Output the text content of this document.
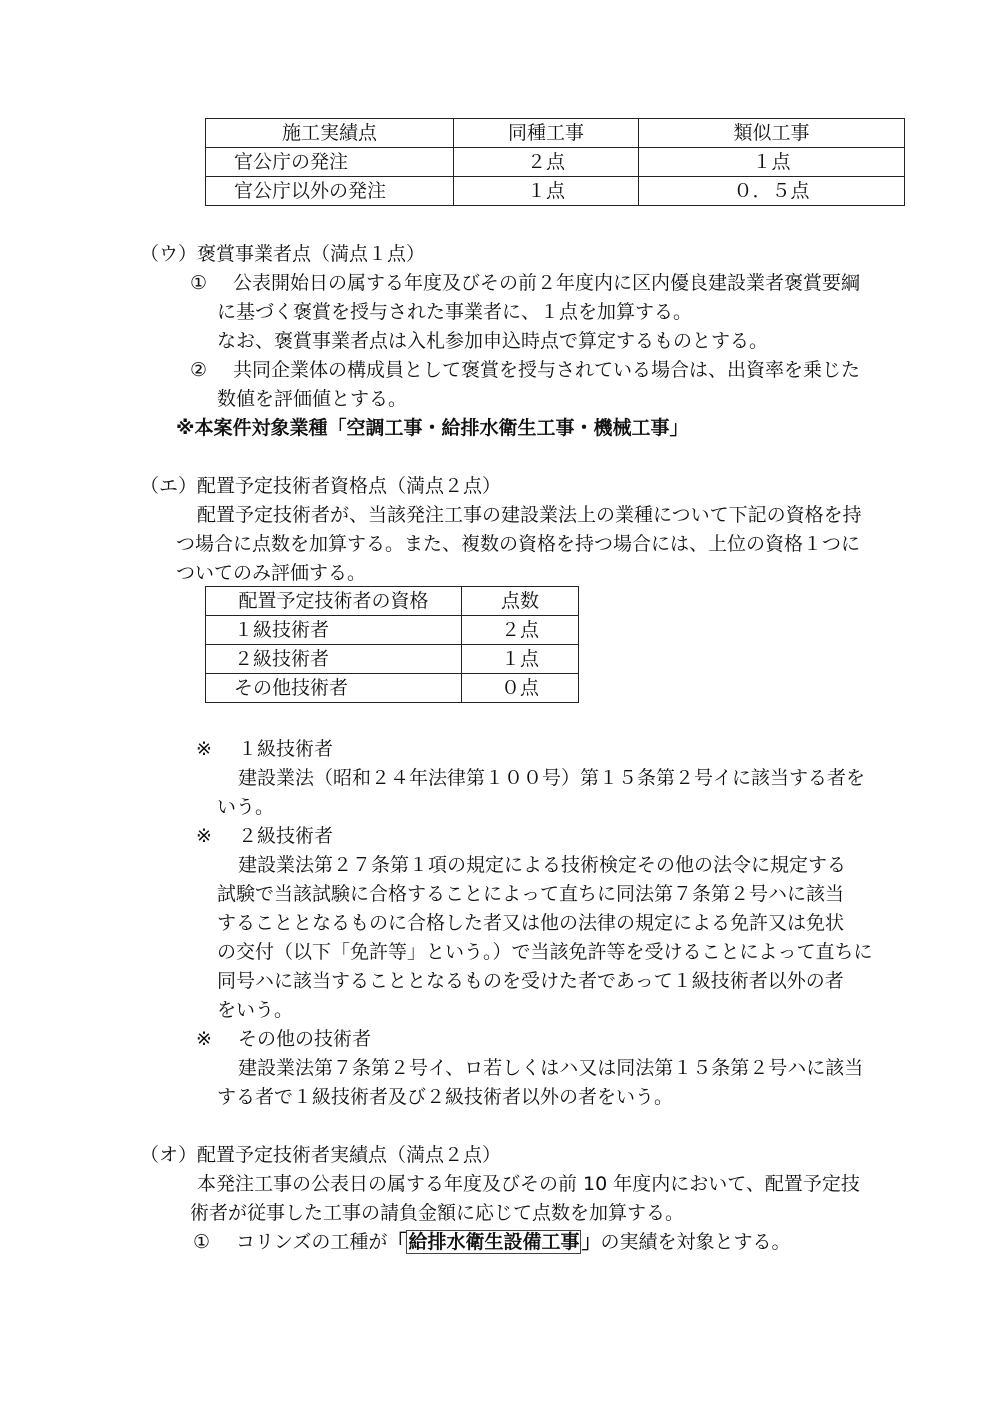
施工実績点	同種工事	類似工事
官公庁の発注	２点	１点
官公庁以外の発注	１点	０．５点
（ウ）褒賞事業者点（満点１点）
① 公表開始日の属する年度及びその前２年度内に区内優良建設業者褒賞要綱
に基づく褒賞を授与された事業者に、１点を加算する。
なお、褒賞事業者点は入札参加申込時点で算定するものとする。
② 共同企業体の構成員として褒賞を授与されている場合は、出資率を乗じた
数値を評価値とする。
※本案件対象業種「空調工事・給排水衛生工事・機械工事」
（エ）配置予定技術者資格点（満点２点）
配置予定技術者が、当該発注工事の建設業法上の業種について下記の資格を持
つ場合に点数を加算する。また、複数の資格を持つ場合には、上位の資格１つに
ついてのみ評価する。
配置予定技術者の資格	点数
１級技術者	２点
２級技術者	１点
その他技術者	０点
※ １級技術者
建設業法（昭和２４年法律第１００号）第１５条第２号イに該当する者を
いう。
※ ２級技術者
建設業法第２７条第１項の規定による技術検定その他の法令に規定する
試験で当該試験に合格することによって直ちに同法第７条第２号ハに該当
することとなるものに合格した者又は他の法律の規定による免許又は免状
の交付（以下「免許等」という。）で当該免許等を受けることによって直ちに
同号ハに該当することとなるものを受けた者であって１級技術者以外の者
をいう。
※ その他の技術者
建設業法第７条第２号イ、ロ若しくはハ又は同法第１５条第２号ハに該当
する者で１級技術者及び２級技術者以外の者をいう。
（オ）配置予定技術者実績点（満点２点）
本発注工事の公表日の属する年度及びその前 10 年度内において、配置予定技
術者が従事した工事の請負金額に応じて点数を加算する。
① コリンズの工種が「 給排水衛生設備工事 」の実績を対象とする。
